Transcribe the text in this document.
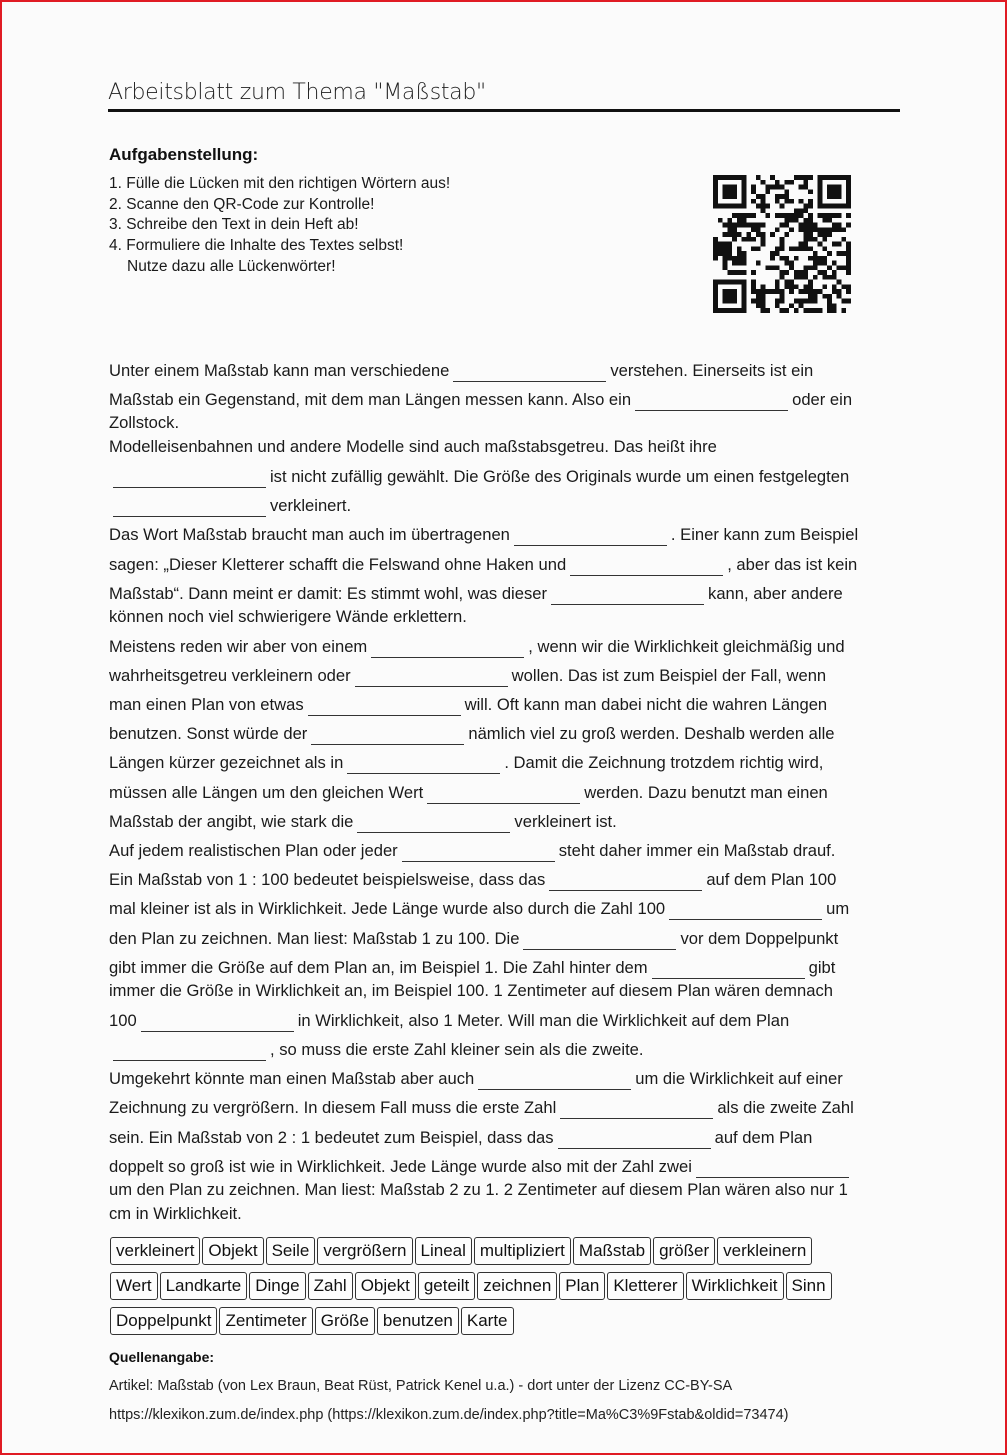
Arbeitsblatt zum Thema "Maßstab"
Aufgabenstellung:
1. Fülle die Lücken mit den richtigen Wörtern aus!
2. Scanne den QR-Code zur Kontrolle!
3. Schreibe den Text in dein Heft ab!
4. Formuliere die Inhalte des Textes selbst!
Nutze dazu alle Lückenwörter!
Unter einem Maßstab kann man verschiedene	verstehen. Einerseits ist ein
Maßstab ein Gegenstand, mit dem man Längen messen kann. Also ein	oder ein
Zollstock.
Modelleisenbahnen und andere Modelle sind auch maßstabsgetreu. Das heißt ihre
ist nicht zufällig gewählt. Die Größe des Originals wurde um einen festgelegten
verkleinert.
Das Wort Maßstab braucht man auch im übertragenen	. Einer kann zum Beispiel
sagen: „Dieser Kletterer schafft die Felswand ohne Haken und	, aber das ist kein
Maßstab“. Dann meint er damit: Es stimmt wohl, was dieser	kann, aber andere
können noch viel schwierigere Wände erklettern.
Meistens reden wir aber von einem	, wenn wir die Wirklichkeit gleichmäßig und
wahrheitsgetreu verkleinern oder	wollen. Das ist zum Beispiel der Fall, wenn
man einen Plan von etwas	will. Oft kann man dabei nicht die wahren Längen
benutzen. Sonst würde der	nämlich viel zu groß werden. Deshalb werden alle
Längen kürzer gezeichnet als in	. Damit die Zeichnung trotzdem richtig wird,
müssen alle Längen um den gleichen Wert	werden. Dazu benutzt man einen
Maßstab der angibt, wie stark die	verkleinert ist.
Auf jedem realistischen Plan oder jeder	steht daher immer ein Maßstab drauf.
Ein Maßstab von 1 : 100 bedeutet beispielsweise, dass das	auf dem Plan 100
mal kleiner ist als in Wirklichkeit. Jede Länge wurde also durch die Zahl 100	um
den Plan zu zeichnen. Man liest: Maßstab 1 zu 100. Die	vor dem Doppelpunkt
gibt immer die Größe auf dem Plan an, im Beispiel 1. Die Zahl hinter dem	gibt
immer die Größe in Wirklichkeit an, im Beispiel 100. 1 Zentimeter auf diesem Plan wären demnach
100	in Wirklichkeit, also 1 Meter. Will man die Wirklichkeit auf dem Plan
, so muss die erste Zahl kleiner sein als die zweite.
Umgekehrt könnte man einen Maßstab aber auch	um die Wirklichkeit auf einer
Zeichnung zu vergrößern. In diesem Fall muss die erste Zahl	als die zweite Zahl
sein. Ein Maßstab von 2 : 1 bedeutet zum Beispiel, dass das	auf dem Plan
doppelt so groß ist wie in Wirklichkeit. Jede Länge wurde also mit der Zahl zwei
um den Plan zu zeichnen. Man liest: Maßstab 2 zu 1. 2 Zentimeter auf diesem Plan wären also nur 1
cm in Wirklichkeit.
verkleinert Objekt Seile vergrößern Lineal multipliziert Maßstab größer verkleinern
Wert Landkarte Dinge Zahl Objekt geteilt zeichnen Plan Kletterer Wirklichkeit Sinn
Doppelpunkt Zentimeter Größe benutzen Karte
Quellenangabe:
Artikel: Maßstab (von Lex Braun, Beat Rüst, Patrick Kenel u.a.) - dort unter der Lizenz CC-BY-SA
https://klexikon.zum.de/index.php (https://klexikon.zum.de/index.php?title=Ma%C3%9Fstab&oldid=73474)
